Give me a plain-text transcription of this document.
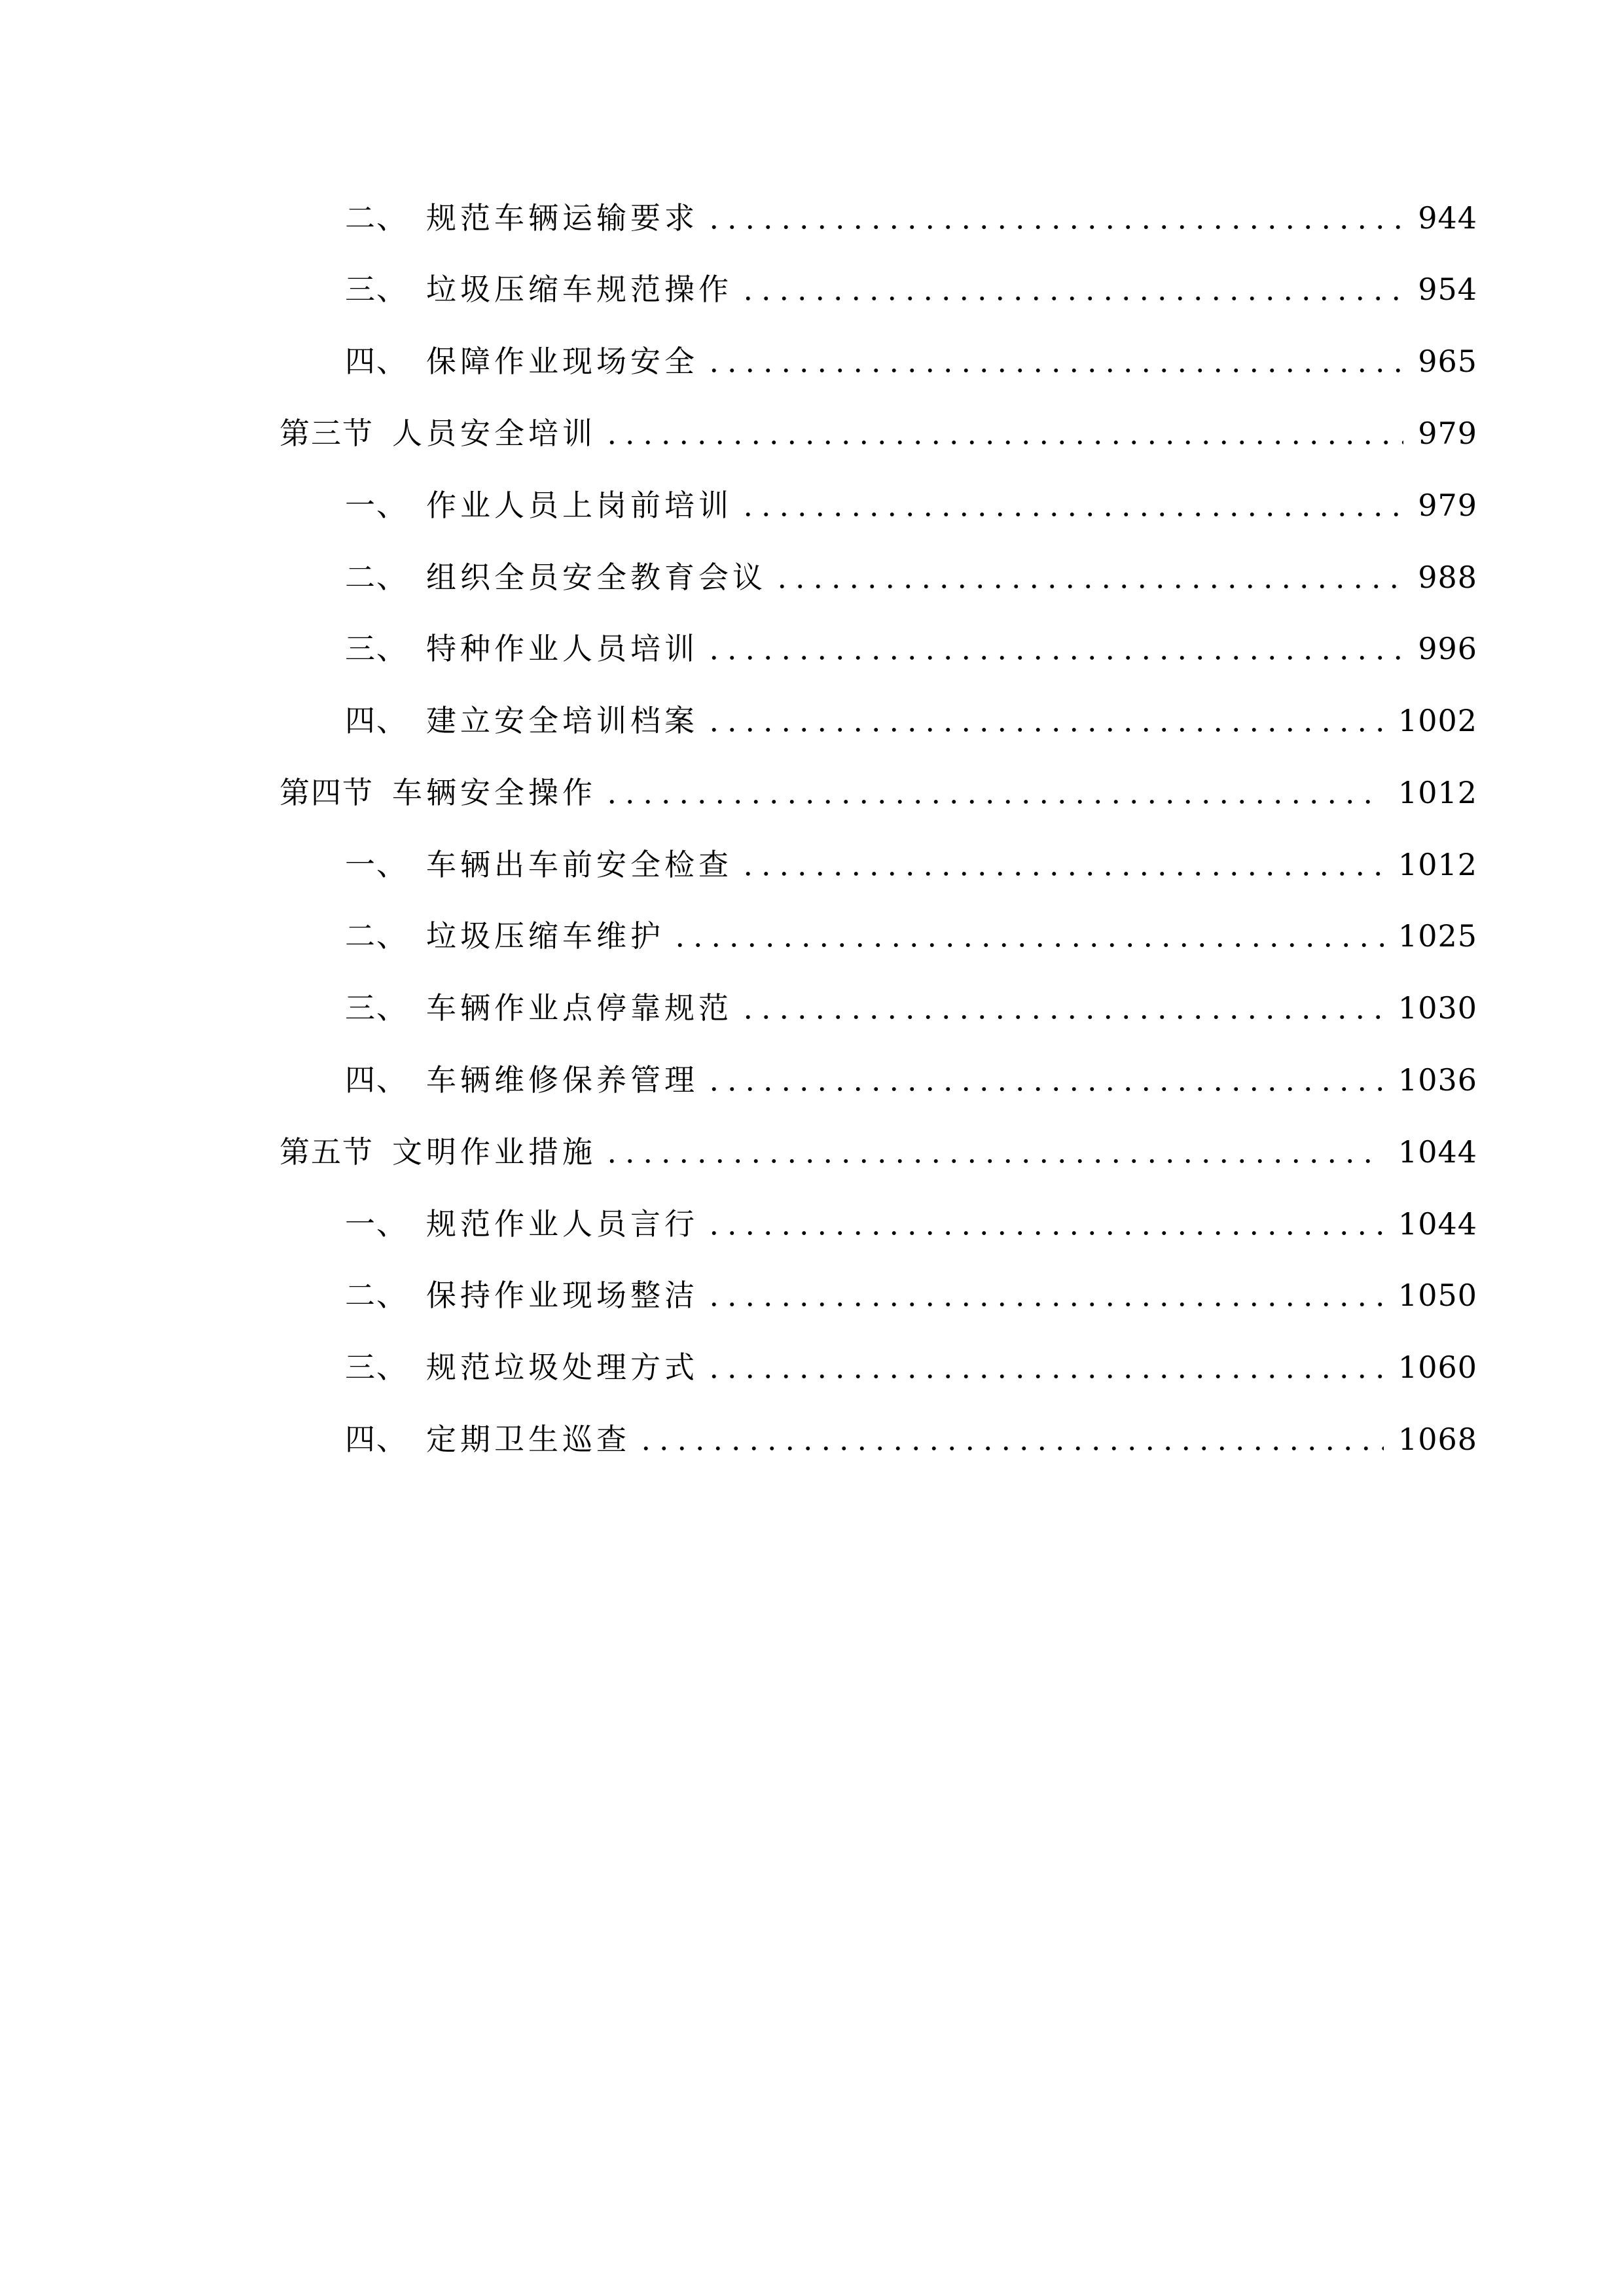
二、 规范车辆运输要求	944
三、 垃圾压缩车规范操作	954
四、 保障作业现场安全	965
第三节 人员安全培训	979
一、 作业人员上岗前培训	979
二、 组织全员安全教育会议	988
三、 特种作业人员培训	996
四、 建立安全培训档案	1002
第四节 车辆安全操作	1012
一、 车辆出车前安全检查	1012
二、 垃圾压缩车维护	1025
三、 车辆作业点停靠规范	1030
四、 车辆维修保养管理	1036
第五节 文明作业措施	1044
一、 规范作业人员言行	1044
二、 保持作业现场整洁	1050
三、 规范垃圾处理方式	1060
四、 定期卫生巡查	1068
